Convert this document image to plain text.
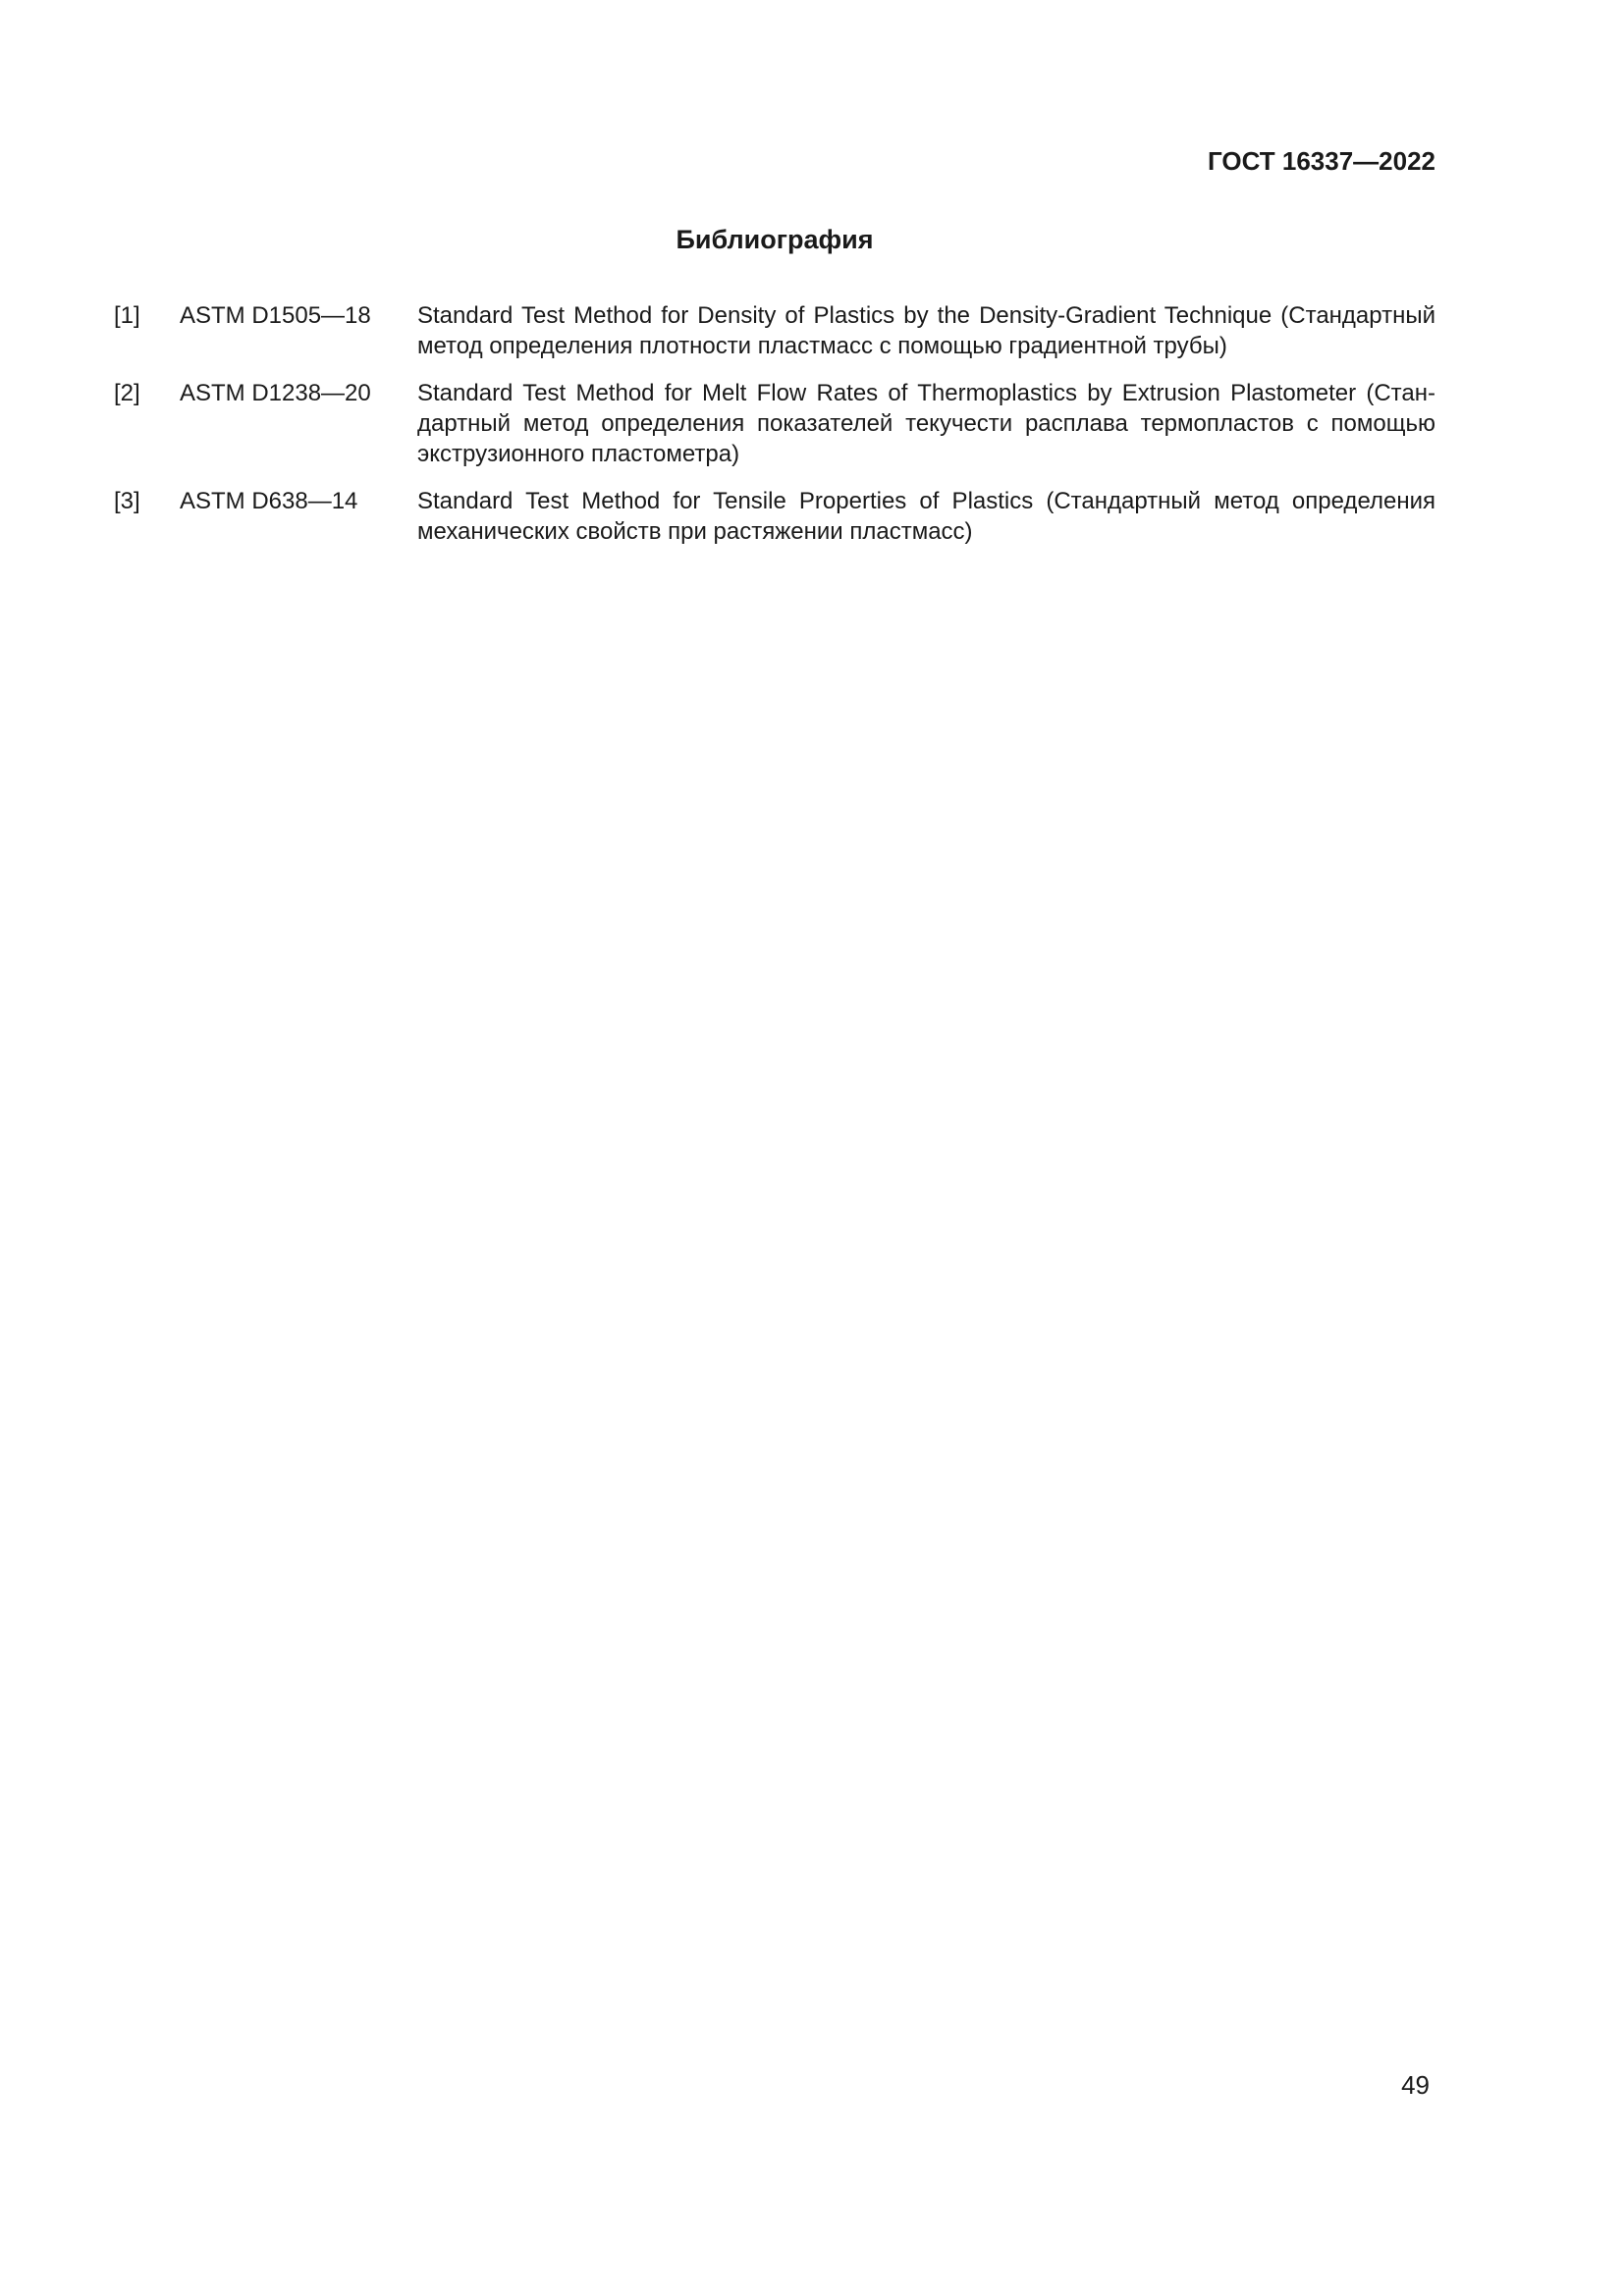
ГОСТ 16337—2022
Библиография
[1]	ASTM D1505—18	Standard Test Method for Density of Plastics by the Density-Gradient Technique (Стандартный метод определения плотности пластмасс с помощью градиентной трубы)
[2]	ASTM D1238—20	Standard Test Method for Melt Flow Rates of Thermoplastics by Extrusion Plastometer (Стандартный метод определения показателей текучести расплава термопластов с помощью экструзионного пластометра)
[3]	ASTM D638—14	Standard Test Method for Tensile Properties of Plastics (Стандартный метод определения механических свойств при растяжении пластмасс)
49
